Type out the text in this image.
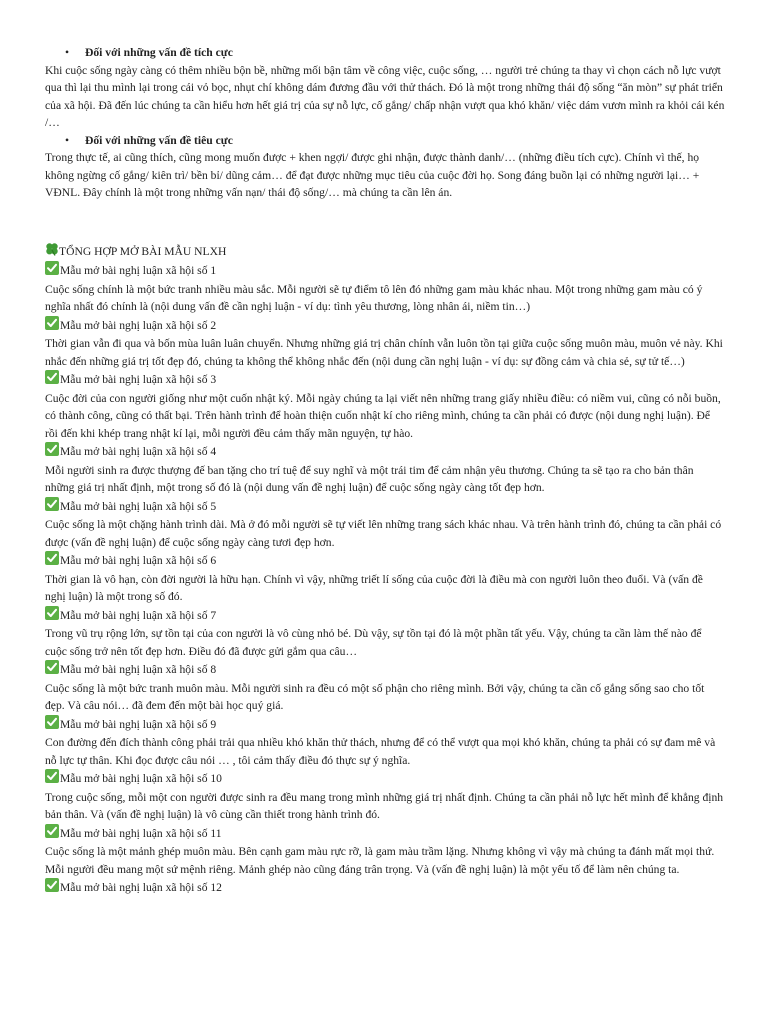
• Đối với những vấn đề tích cực

Khi cuộc sống ngày càng có thêm nhiều bộn bề, những mối bận tâm về công việc, cuộc sống, … người trẻ chúng ta thay vì chọn cách nỗ lực vượt qua thì lại thu mình lại trong cái vỏ bọc, nhụt chí không dám đương đầu với thử thách. Đó là một trong những thái độ sống “ăn mòn” sự phát triển của xã hội. Đã đến lúc chúng ta cần hiểu hơn hết giá trị của sự nỗ lực, cố gắng/ chấp nhận vượt qua khó khăn/ việc dám vươn mình ra khỏi cái kén /…

• Đối với những vấn đề tiêu cực

Trong thực tế, ai cũng thích, cũng mong muốn được + khen ngợi/ được ghi nhận, được thành danh/… (những điều tích cực). Chính vì thế, họ không ngừng cố gắng/ kiên trì/ bền bỉ/ dũng cảm… để đạt được những mục tiêu của cuộc đời họ. Song đáng buồn lại có những người lại… + VĐNL. Đây chính là một trong những vấn nạn/ thái độ sống/… mà chúng ta cần lên án.

TỔNG HỢP MỞ BÀI MẪU NLXH
Mẫu mở bài nghị luận xã hội số 1

Cuộc sống chính là một bức tranh nhiều màu sắc. Mỗi người sẽ tự điểm tô lên đó những gam màu khác nhau. Một trong những gam màu có ý nghĩa nhất đó chính là (nội dung vấn đề cần nghị luận - ví dụ: tình yêu thương, lòng nhân ái, niềm tin…)

Mẫu mở bài nghị luận xã hội số 2

Thời gian vẫn đi qua và bốn mùa luân luân chuyển. Nhưng những giá trị chân chính vẫn luôn tồn tại giữa cuộc sống muôn màu, muôn vẻ này. Khi nhắc đến những giá trị tốt đẹp đó, chúng ta không thể không nhắc đến (nội dung cần nghị luận - ví dụ: sự đồng cảm và chia sẻ, sự tử tế…)

Mẫu mở bài nghị luận xã hội số 3

Cuộc đời của con người giống như một cuốn nhật ký. Mỗi ngày chúng ta lại viết nên những trang giấy nhiều điều: có niềm vui, cũng có nỗi buồn, có thành công, cũng có thất bại. Trên hành trình để hoàn thiện cuốn nhật kí cho riêng mình, chúng ta cần phải có được (nội dung nghị luận). Để rồi đến khi khép trang nhật kí lại, mỗi người đều cảm thấy mãn nguyện, tự hào.

Mẫu mở bài nghị luận xã hội số 4

Mỗi người sinh ra được thượng đế ban tặng cho trí tuệ để suy nghĩ và một trái tim để cảm nhận yêu thương. Chúng ta sẽ tạo ra cho bản thân những giá trị nhất định, một trong số đó là (nội dung vấn đề nghị luận) để cuộc sống ngày càng tốt đẹp hơn.

Mẫu mở bài nghị luận xã hội số 5

Cuộc sống là một chặng hành trình dài. Mà ở đó mỗi người sẽ tự viết lên những trang sách khác nhau. Và trên hành trình đó, chúng ta cần phải có được (vấn đề nghị luận) để cuộc sống ngày càng tươi đẹp hơn.

Mẫu mở bài nghị luận xã hội số 6

Thời gian là vô hạn, còn đời người là hữu hạn. Chính vì vậy, những triết lí sống của cuộc đời là điều mà con người luôn theo đuổi. Và (vấn đề nghị luận) là một trong số đó.

Mẫu mở bài nghị luận xã hội số 7

Trong vũ trụ rộng lớn, sự tồn tại của con người là vô cùng nhỏ bé. Dù vậy, sự tồn tại đó là một phần tất yếu. Vậy, chúng ta cần làm thế nào để cuộc sống trở nên tốt đẹp hơn. Điều đó đã được gửi gắm qua câu…

Mẫu mở bài nghị luận xã hội số 8

Cuộc sống là một bức tranh muôn màu. Mỗi người sinh ra đều có một số phận cho riêng mình. Bởi vậy, chúng ta cần cố gắng sống sao cho tốt đẹp. Và câu nói… đã đem đến một bài học quý giá.

Mẫu mở bài nghị luận xã hội số 9

Con đường đến đích thành công phải trải qua nhiều khó khăn thử thách, nhưng để có thể vượt qua mọi khó khăn, chúng ta phải có sự đam mê và nỗ lực tự thân. Khi đọc được câu nói … , tôi cảm thấy điều đó thực sự ý nghĩa.

Mẫu mở bài nghị luận xã hội số 10

Trong cuộc sống, mỗi một con người được sinh ra đều mang trong mình những giá trị nhất định. Chúng ta cần phải nỗ lực hết mình để khẳng định bản thân. Và (vấn đề nghị luận) là vô cùng cần thiết trong hành trình đó.

Mẫu mở bài nghị luận xã hội số 11

Cuộc sống là một mảnh ghép muôn màu. Bên cạnh gam màu rực rỡ, là gam màu trầm lặng. Nhưng không vì vậy mà chúng ta đánh mất mọi thứ. Mỗi người đều mang một sứ mệnh riêng. Mảnh ghép nào cũng đáng trân trọng. Và (vấn đề nghị luận) là một yếu tố để làm nên chúng ta.

Mẫu mở bài nghị luận xã hội số 12
